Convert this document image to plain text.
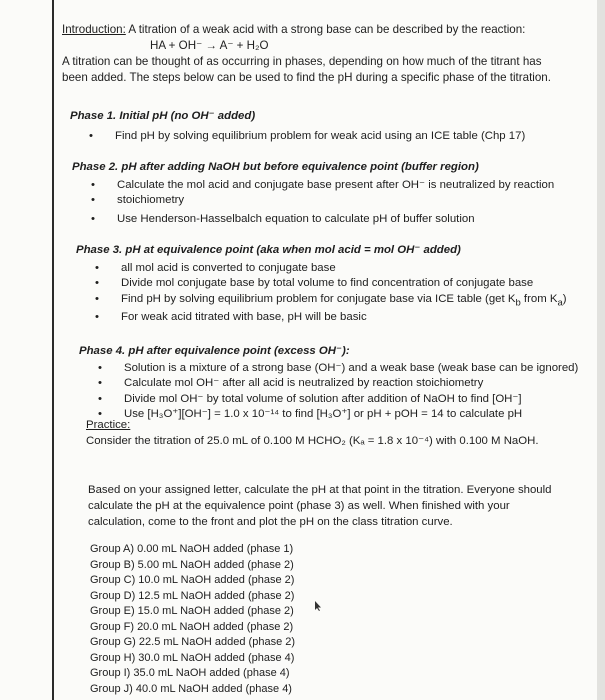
Introduction: A titration of a weak acid with a strong base can be described by the reaction:
HA + OH⁻ → A⁻ + H₂O
A titration can be thought of as occurring in phases, depending on how much of the titrant has
been added. The steps below can be used to find the pH during a specific phase of the titration.
Phase 1. Initial pH (no OH⁻ added)
• Find pH by solving equilibrium problem for weak acid using an ICE table (Chp 17)
Phase 2. pH after adding NaOH but before equivalence point (buffer region)
• Calculate the mol acid and conjugate base present after OH⁻ is neutralized by reaction
• stoichiometry
• Use Henderson-Hasselbalch equation to calculate pH of buffer solution
Phase 3. pH at equivalence point (aka when mol acid = mol OH⁻ added)
• all mol acid is converted to conjugate base
• Divide mol conjugate base by total volume to find concentration of conjugate base
• Find pH by solving equilibrium problem for conjugate base via ICE table (get $K_b$ from $K_a$)
• For weak acid titrated with base, pH will be basic
Phase 4. pH after equivalence point (excess OH⁻):
• Solution is a mixture of a strong base (OH⁻) and a weak base (weak base can be ignored)
• Calculate mol OH⁻ after all acid is neutralized by reaction stoichiometry
• Divide mol OH⁻ by total volume of solution after addition of NaOH to find [OH⁻]
• Use [H₃O⁺][OH⁻] = 1.0 x 10⁻¹⁴ to find [H₃O⁺] or pH + pOH = 14 to calculate pH
Practice:
Consider the titration of 25.0 mL of 0.100 M HCHO₂ (Kₐ = 1.8 x 10⁻⁴) with 0.100 M NaOH.
Based on your assigned letter, calculate the pH at that point in the titration. Everyone should
calculate the pH at the equivalence point (phase 3) as well. When finished with your
calculation, come to the front and plot the pH on the class titration curve.
Group A) 0.00 mL NaOH added (phase 1)
Group B) 5.00 mL NaOH added (phase 2)
Group C) 10.0 mL NaOH added (phase 2)
Group D) 12.5 mL NaOH added (phase 2)
Group E) 15.0 mL NaOH added (phase 2)
Group F) 20.0 mL NaOH added (phase 2)
Group G) 22.5 mL NaOH added (phase 2)
Group H) 30.0 mL NaOH added (phase 4)
Group I) 35.0 mL NaOH added (phase 4)
Group J) 40.0 mL NaOH added (phase 4)
